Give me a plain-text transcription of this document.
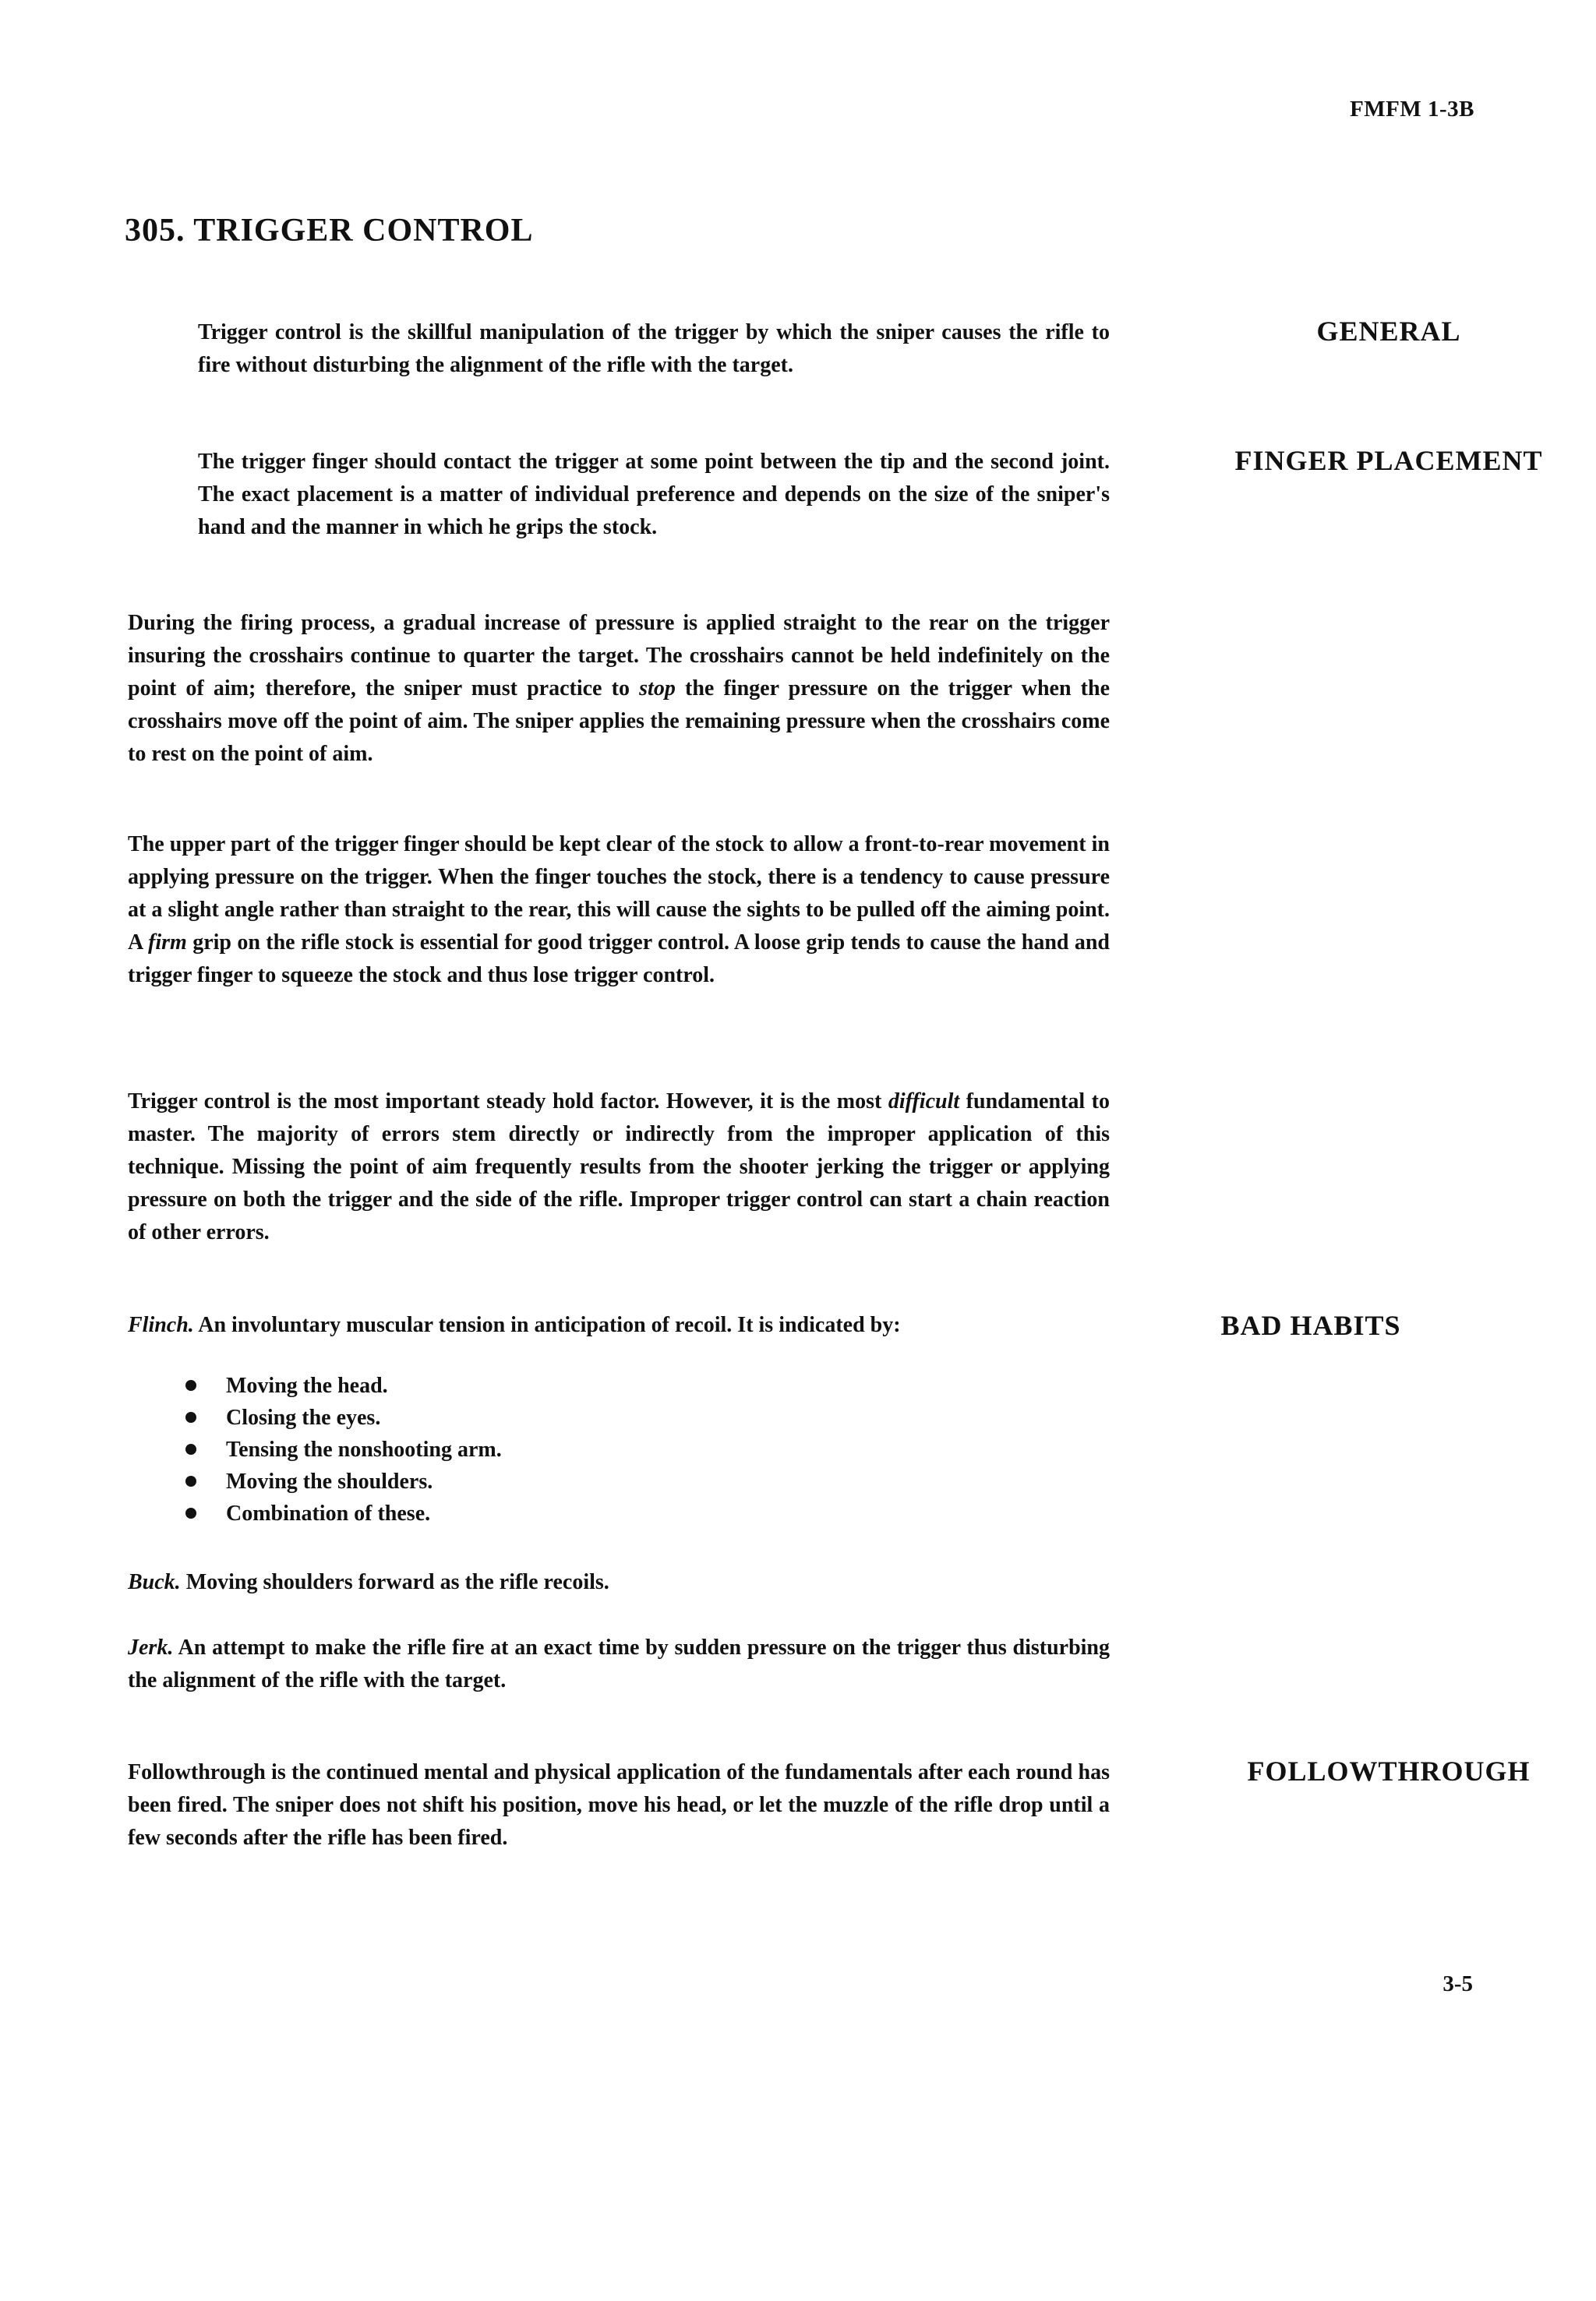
FMFM 1-3B
305. TRIGGER CONTROL
GENERAL

Trigger control is the skillful manipulation of the trigger by which the sniper causes the rifle to fire without disturbing the alignment of the rifle with the target.

FINGER PLACEMENT

The trigger finger should contact the trigger at some point between the tip and the second joint. The exact placement is a matter of individual preference and depends on the size of the sniper's hand and the manner in which he grips the stock.

During the firing process, a gradual increase of pressure is applied straight to the rear on the trigger insuring the crosshairs continue to quarter the target. The crosshairs cannot be held indefinitely on the point of aim; therefore, the sniper must practice to stop the finger pressure on the trigger when the crosshairs move off the point of aim. The sniper applies the remaining pressure when the crosshairs come to rest on the point of aim.

The upper part of the trigger finger should be kept clear of the stock to allow a front-to-rear movement in applying pressure on the trigger. When the finger touches the stock, there is a tendency to cause pressure at a slight angle rather than straight to the rear, this will cause the sights to be pulled off the aiming point. A firm grip on the rifle stock is essential for good trigger control. A loose grip tends to cause the hand and trigger finger to squeeze the stock and thus lose trigger control.

Trigger control is the most important steady hold factor. However, it is the most difficult fundamental to master. The majority of errors stem directly or indirectly from the improper application of this technique. Missing the point of aim frequently results from the shooter jerking the trigger or applying pressure on both the trigger and the side of the rifle. Improper trigger control can start a chain reaction of other errors.

BAD HABITS

Flinch. An involuntary muscular tension in anticipation of recoil. It is indicated by:

Moving the head.
Closing the eyes.
Tensing the nonshooting arm.
Moving the shoulders.
Combination of these.

Buck. Moving shoulders forward as the rifle recoils.

Jerk. An attempt to make the rifle fire at an exact time by sudden pressure on the trigger thus disturbing the alignment of the rifle with the target.

FOLLOWTHROUGH

Followthrough is the continued mental and physical application of the fundamentals after each round has been fired. The sniper does not shift his position, move his head, or let the muzzle of the rifle drop until a few seconds after the rifle has been fired.

3-5
